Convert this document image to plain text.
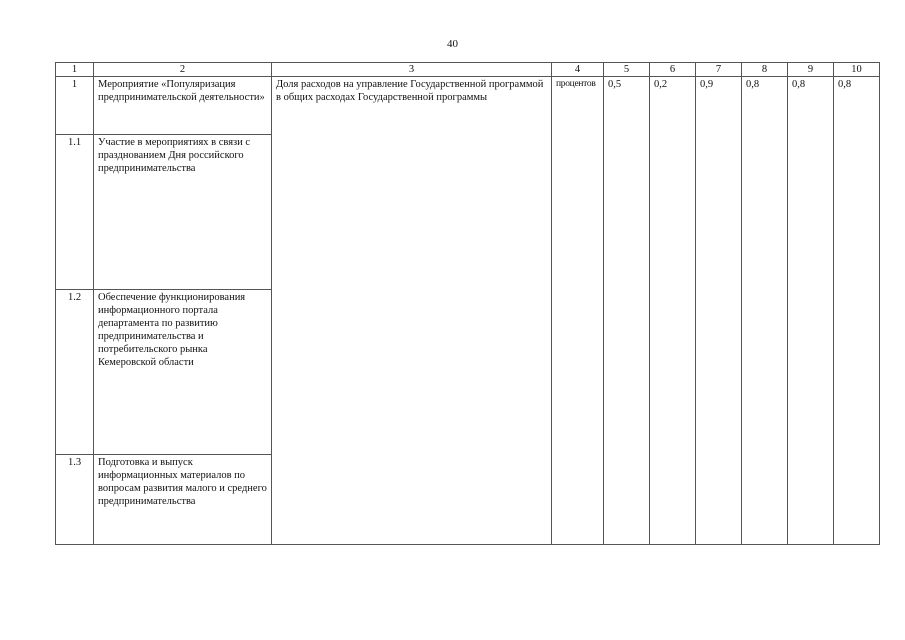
40
1	2	3	4	5	6	7	8	9	10
1	Мероприятие «Популяризация предпринимательской деятельности»	Доля расходов на управление Государственной программой в общих расходах Государственной программы	процентов	0,5	0,2	0,9	0,8	0,8	0,8
1.1	Участие в мероприятиях в связи с празднованием Дня российского предпринимательства								
1.2	Обеспечение функционирования информационного портала департамента по развитию предпринимательства и потребительского рынка Кемеровской области								
1.3	Подготовка и выпуск информационных материалов по вопросам развития малого и среднего предпринимательства								
